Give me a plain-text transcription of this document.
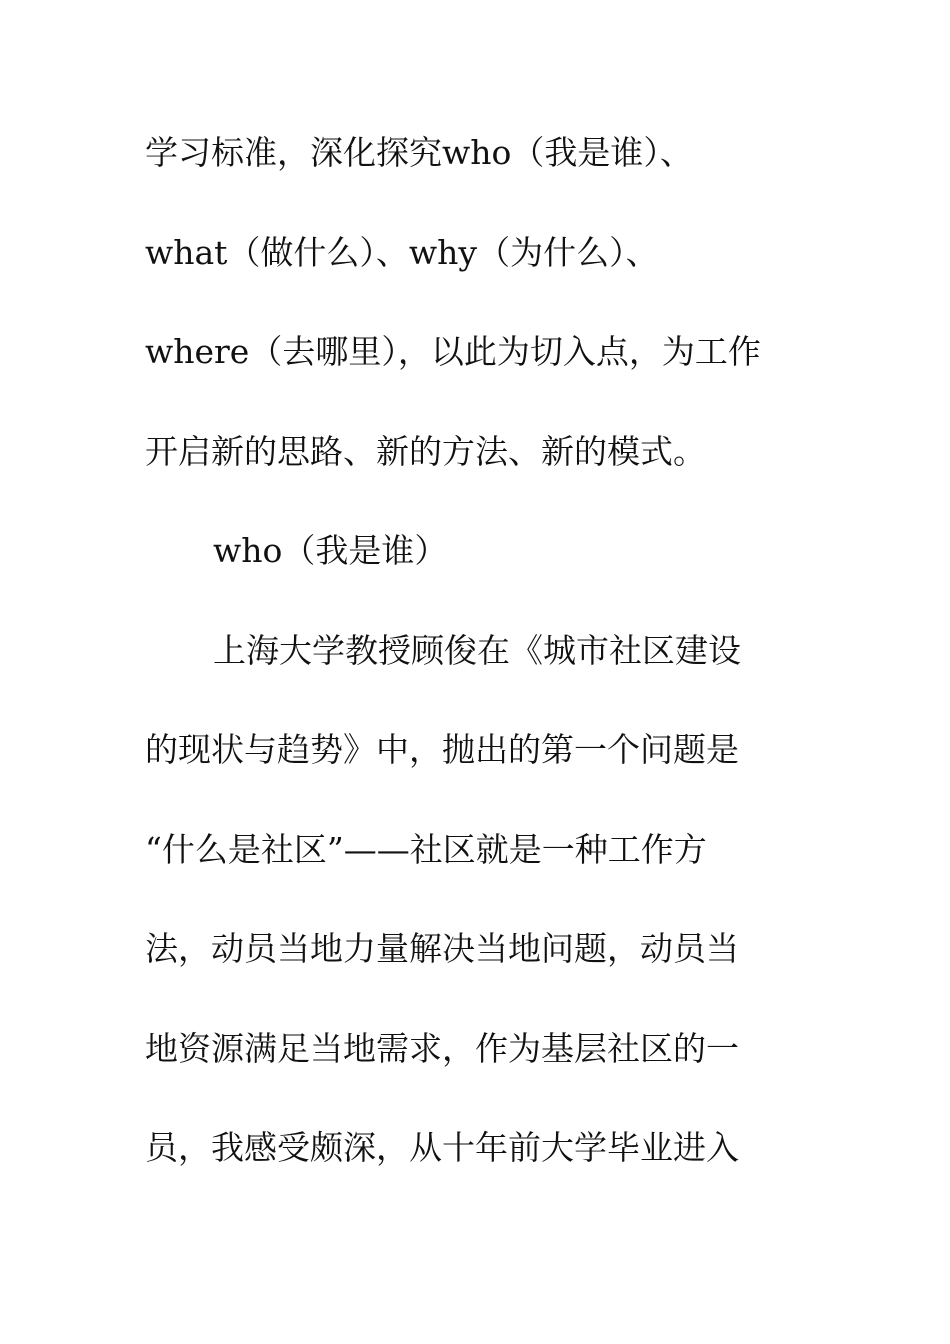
学习标准，深化探究who（我是谁）、
what（做什么）、why（为什么）、
where（去哪里），以此为切入点，为工作
开启新的思路、新的方法、新的模式。
who（我是谁）
上海大学教授顾俊在《城市社区建设
的现状与趋势》中，抛出的第一个问题是
“什么是社区”——社区就是一种工作方
法，动员当地力量解决当地问题，动员当
地资源满足当地需求，作为基层社区的一
员，我感受颇深，从十年前大学毕业进入
